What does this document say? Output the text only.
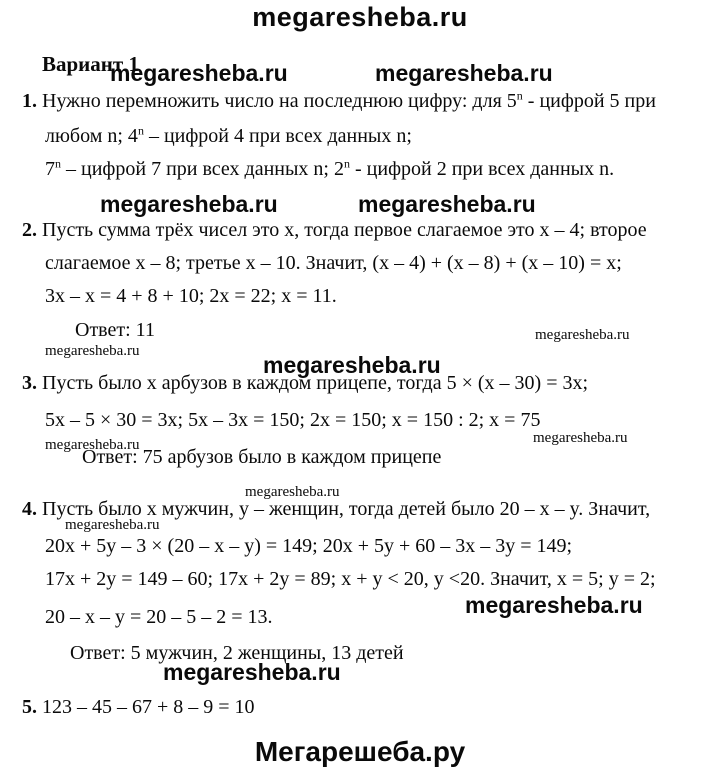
megaresheba.ru
Вариант 1
megaresheba.ru	megaresheba.ru
1. Нужно перемножить число на последнюю цифру: для 5$^n$ - цифрой 5 при
любом n; 4$^n$ – цифрой 4 при всех данных n;
7$^n$ – цифрой 7 при всех данных n; 2$^n$ - цифрой 2 при всех данных n.
megaresheba.ru	megaresheba.ru
2. Пусть сумма трёх чисел это x, тогда первое слагаемое это x – 4; второе
слагаемое x – 8; третье x – 10. Значит, (x – 4) + (x – 8) + (x – 10) = x;
3x – x = 4 + 8 + 10; 2x = 22; x = 11.
Ответ: 11	megaresheba.ru
megaresheba.ru
megaresheba.ru
3. Пусть было x арбузов в каждом прицепе, тогда 5 × (x – 30) = 3x;
5x – 5 × 30 = 3x; 5x – 3x = 150; 2x = 150; x = 150 : 2; x = 75
megaresheba.ru
megaresheba.ru
Ответ: 75 арбузов было в каждом прицепе
megaresheba.ru
4. Пусть было x мужчин, y – женщин, тогда детей было 20 – x – y. Значит,
megaresheba.ru
20x + 5y – 3 × (20 – x – y) = 149; 20x + 5y + 60 – 3x – 3y = 149;
17x + 2y = 149 – 60; 17x + 2y = 89; x + y < 20, y <20. Значит, x = 5; y = 2;
megaresheba.ru
20 – x – y = 20 – 5 – 2 = 13.
Ответ: 5 мужчин, 2 женщины, 13 детей
megaresheba.ru
5. 123 – 45 – 67 + 8 – 9 = 10
Мегарешеба.ру
